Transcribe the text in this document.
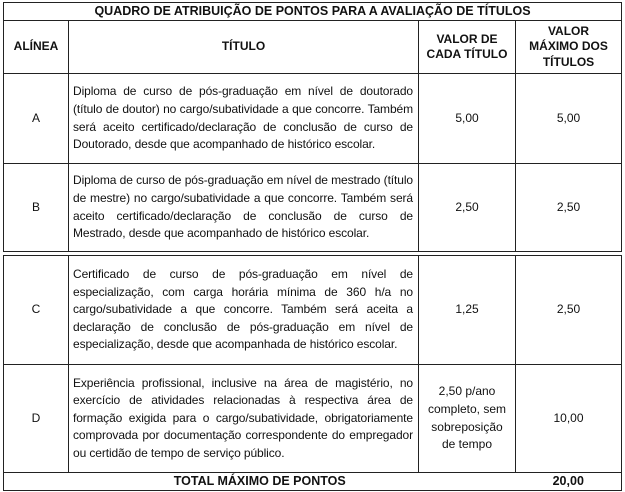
QUADRO DE ATRIBUIÇÃO DE PONTOS PARA A AVALIAÇÃO DE TÍTULOS			
ALÍNEA	TÍTULO	VALOR DE CADA TÍTULO	VALOR MÁXIMO DOS TÍTULOS
A	Diploma de curso de pós-graduação em nível de doutorado (título de doutor) no cargo/subatividade a que concorre. Também será aceito certificado/declaração de conclusão de curso de Doutorado, desde que acompanhado de histórico escolar.	5,00	5,00
B	Diploma de curso de pós-graduação em nível de mestrado (título de mestre) no cargo/subatividade a que concorre. Também será aceito certificado/declaração de conclusão de curso de Mestrado, desde que acompanhado de histórico escolar.	2,50	2,50

C	Certificado de curso de pós-graduação em nível de especialização, com carga horária mínima de 360 h/a no cargo/subatividade a que concorre. Também será aceita a declaração de conclusão de pós-graduação em nível de especialização, desde que acompanhada de histórico escolar.	1,25	2,50
D	Experiência profissional, inclusive na área de magistério, no exercício de atividades relacionadas à respectiva área de formação exigida para o cargo/subatividade, obrigatoriamente comprovada por documentação correspondente do empregador ou certidão de tempo de serviço público.	2,50 p/ano completo, sem sobreposição de tempo	10,00
TOTAL MÁXIMO DE PONTOS			20,00
